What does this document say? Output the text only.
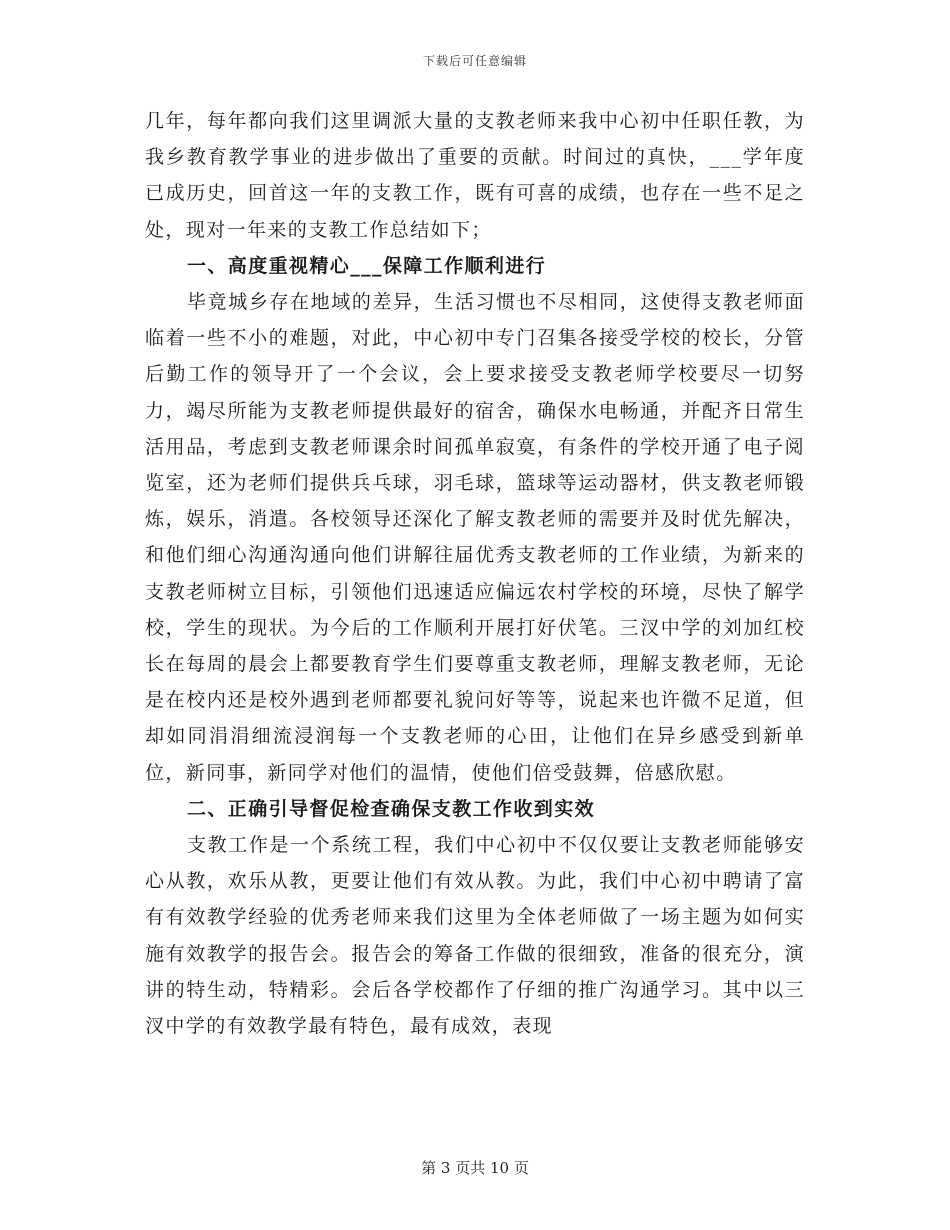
下载后可任意编辑

几年，每年都向我们这里调派大量的支教老师来我中心初中任职任教，为我乡教育教学事业的进步做出了重要的贡献。时间过的真快，___学年度已成历史，回首这一年的支教工作，既有可喜的成绩，也存在一些不足之处，现对一年来的支教工作总结如下；

一、高度重视精心___保障工作顺利进行

毕竟城乡存在地域的差异，生活习惯也不尽相同，这使得支教老师面临着一些不小的难题，对此，中心初中专门召集各接受学校的校长，分管后勤工作的领导开了一个会议，会上要求接受支教老师学校要尽一切努力，竭尽所能为支教老师提供最好的宿舍，确保水电畅通，并配齐日常生活用品，考虑到支教老师课余时间孤单寂寞，有条件的学校开通了电子阅览室，还为老师们提供兵乓球，羽毛球，篮球等运动器材，供支教老师锻炼，娱乐，消遣。各校领导还深化了解支教老师的需要并及时优先解决，和他们细心沟通沟通向他们讲解往届优秀支教老师的工作业绩，为新来的支教老师树立目标，引领他们迅速适应偏远农村学校的环境，尽快了解学校，学生的现状。为今后的工作顺利开展打好伏笔。三汊中学的刘加红校长在每周的晨会上都要教育学生们要尊重支教老师，理解支教老师，无论是在校内还是校外遇到老师都要礼貌问好等等，说起来也许微不足道，但却如同涓涓细流浸润每一个支教老师的心田，让他们在异乡感受到新单位，新同事，新同学对他们的温情，使他们倍受鼓舞，倍感欣慰。

二、正确引导督促检查确保支教工作收到实效

支教工作是一个系统工程，我们中心初中不仅仅要让支教老师能够安心从教，欢乐从教，更要让他们有效从教。为此，我们中心初中聘请了富有有效教学经验的优秀老师来我们这里为全体老师做了一场主题为如何实施有效教学的报告会。报告会的筹备工作做的很细致，准备的很充分，演讲的特生动，特精彩。会后各学校都作了仔细的推广沟通学习。其中以三汊中学的有效教学最有特色，最有成效，表现

第 3 页共 10 页
